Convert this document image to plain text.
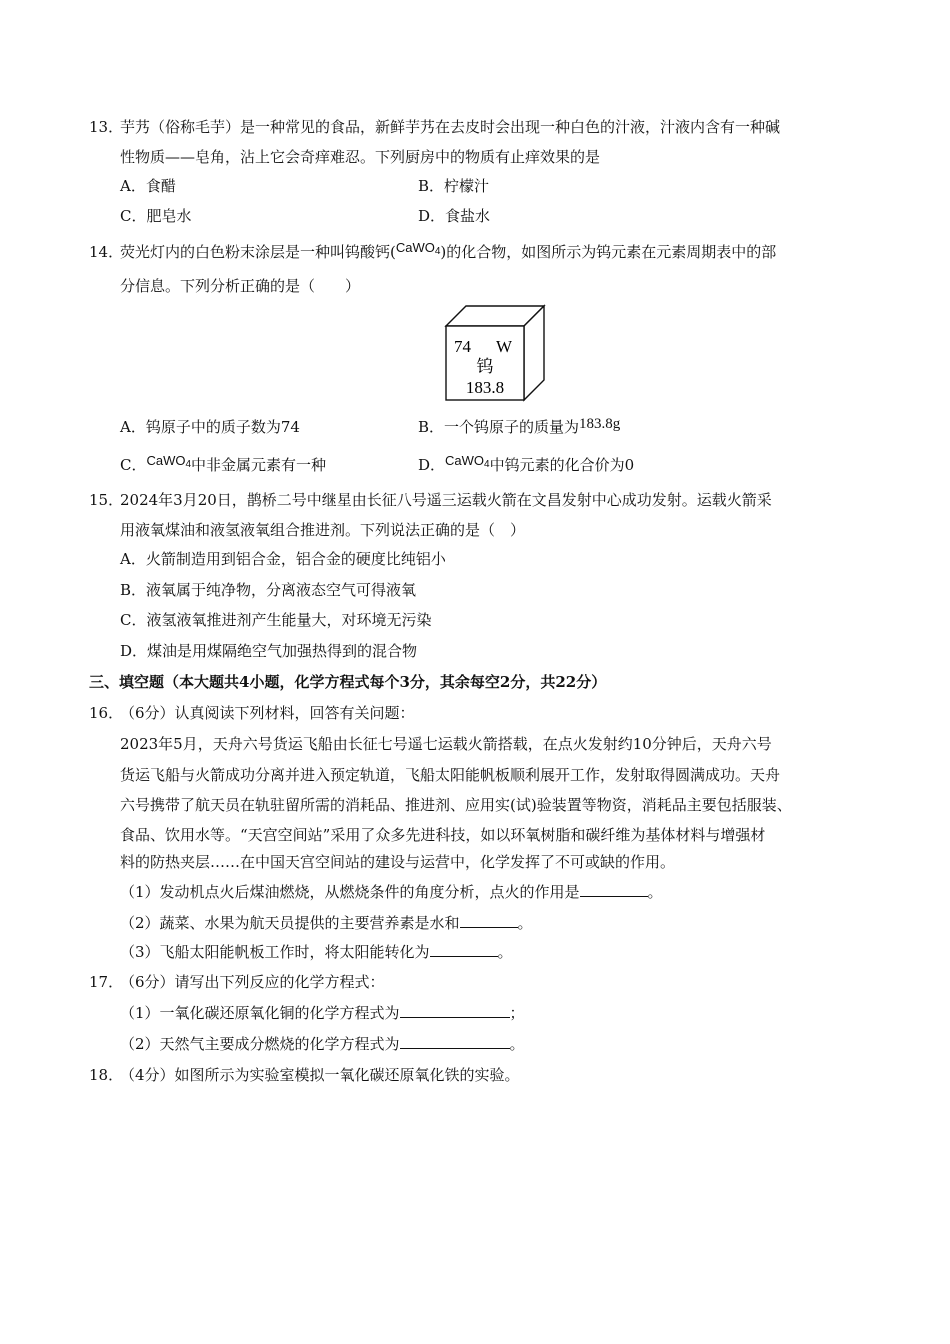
13．
芋艿（俗称毛芋）是一种常见的食品，新鲜芋艿在去皮时会出现一种白色的汁液，汁液内含有一种碱
性物质——皂角，沾上它会奇痒难忍。下列厨房中的物质有止痒效果的是
A．食醋	B．柠檬汁
C．肥皂水	D．食盐水
14．
荧光灯内的白色粉末涂层是一种叫钨酸钙(CaWO$_4$)的化合物，如图所示为钨元素在元素周期表中的部
分信息。下列分析正确的是（　　）
74 W
钨
183.8
A．钨原子中的质子数为74	B．一个钨原子的质量为183.8g
C．CaWO$_4$中非金属元素有一种	D．CaWO$_4$中钨元素的化合价为0
15．
2024年3月20日，鹊桥二号中继星由长征八号遥三运载火箭在文昌发射中心成功发射。运载火箭采
用液氧煤油和液氢液氧组合推进剂。下列说法正确的是（　）
A．火箭制造用到铝合金，铝合金的硬度比纯铝小
B．液氧属于纯净物，分离液态空气可得液氧
C．液氢液氧推进剂产生能量大，对环境无污染
D．煤油是用煤隔绝空气加强热得到的混合物
三、填空题（本大题共4小题，化学方程式每个3分，其余每空2分，共22分）
16．
（6分）认真阅读下列材料，回答有关问题：
2023年5月，天舟六号货运飞船由长征七号遥七运载火箭搭载，在点火发射约10分钟后，天舟六号
货运飞船与火箭成功分离并进入预定轨道，飞船太阳能帆板顺利展开工作，发射取得圆满成功。天舟
六号携带了航天员在轨驻留所需的消耗品、推进剂、应用实(试)验装置等物资，消耗品主要包括服装、
食品、饮用水等。“天宫空间站”采用了众多先进科技，如以环氧树脂和碳纤维为基体材料与增强材
料的防热夹层……在中国天宫空间站的建设与运营中，化学发挥了不可或缺的作用。
（1）发动机点火后煤油燃烧，从燃烧条件的角度分析，点火的作用是	。
（2）蔬菜、水果为航天员提供的主要营养素是水和	。
（3）飞船太阳能帆板工作时，将太阳能转化为	。
17．
（6分）请写出下列反应的化学方程式：
（1）一氧化碳还原氧化铜的化学方程式为	；
（2）天然气主要成分燃烧的化学方程式为	。
18．
（4分）如图所示为实验室模拟一氧化碳还原氧化铁的实验。
